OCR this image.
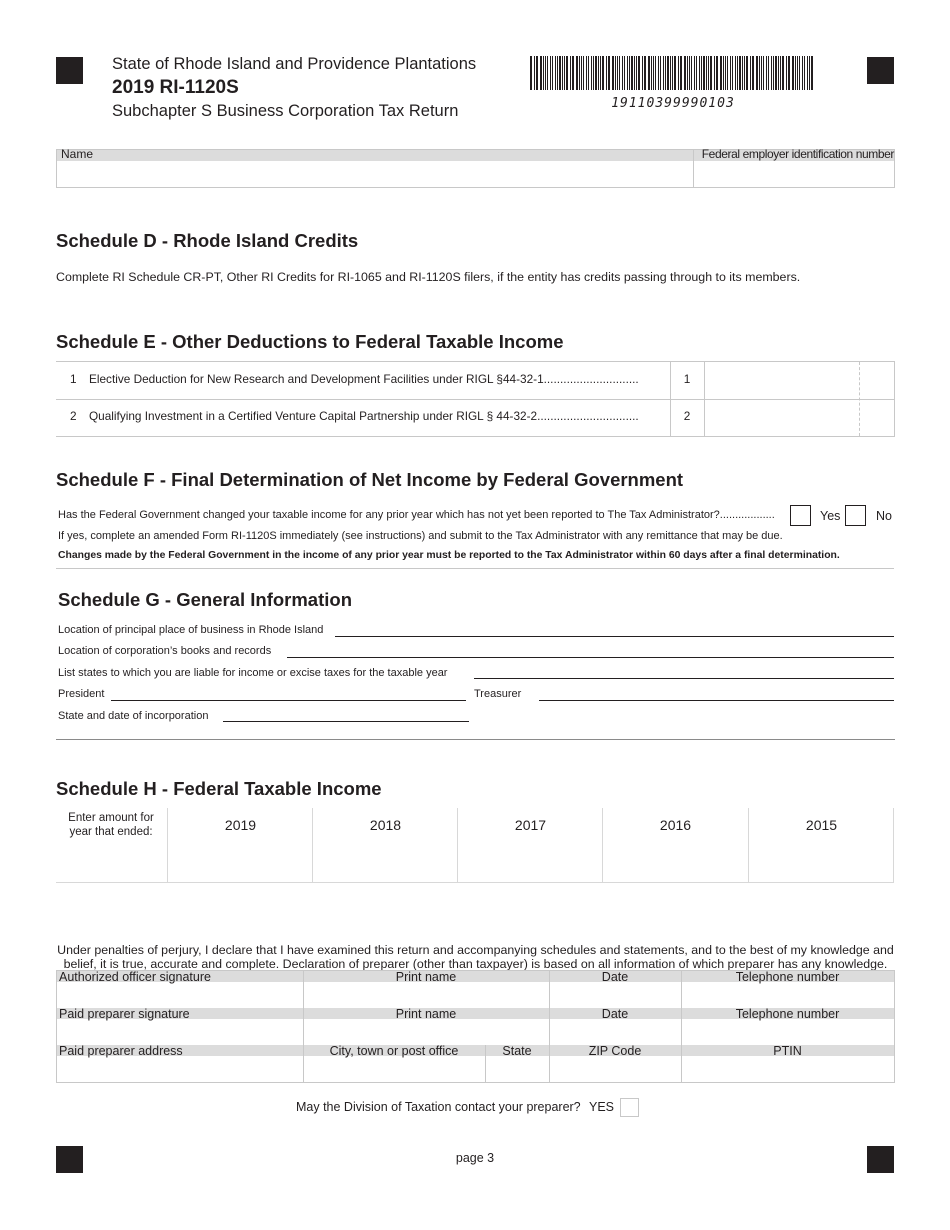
State of Rhode Island and Providence Plantations
2019 RI-1120S
Subchapter S Business Corporation Tax Return	19110399990103
Name	Federal employer identification number
Schedule D - Rhode Island Credits
Complete RI Schedule CR-PT, Other RI Credits for RI-1065 and RI-1120S filers, if the entity has credits passing through to its members.
Schedule E - Other Deductions to Federal Taxable Income
1 Elective Deduction for New Research and Development Facilities under RIGL §44-32-1.............................	1
2 Qualifying Investment in a Certified Venture Capital Partnership under RIGL § 44-32-2...............................	2
Schedule F - Final Determination of Net Income by Federal Government
Has the Federal Government changed your taxable income for any prior year which has not yet been reported to The Tax Administrator?..................	Yes	No
If yes, complete an amended Form RI-1120S immediately (see instructions) and submit to the Tax Administrator with any remittance that may be due.
Changes made by the Federal Government in the income of any prior year must be reported to the Tax Administrator within 60 days after a final determination.
Schedule G - General Information
Location of principal place of business in Rhode Island
Location of corporation’s books and records
List states to which you are liable for income or excise taxes for the taxable year
President	Treasurer
State and date of incorporation
Schedule H - Federal Taxable Income
Enter amount for
year that ended:	2019	2018	2017	2016	2015
Under penalties of perjury, I declare that I have examined this return and accompanying schedules and statements, and to the best of my knowledge and
belief, it is true, accurate and complete. Declaration of preparer (other than taxpayer) is based on all information of which preparer has any knowledge.
Authorized officer signature	Print name	Date	Telephone number
Paid preparer signature	Print name	Date	Telephone number
Paid preparer address	City, town or post office	State	ZIP Code	PTIN
May the Division of Taxation contact your preparer? YES
page 3
